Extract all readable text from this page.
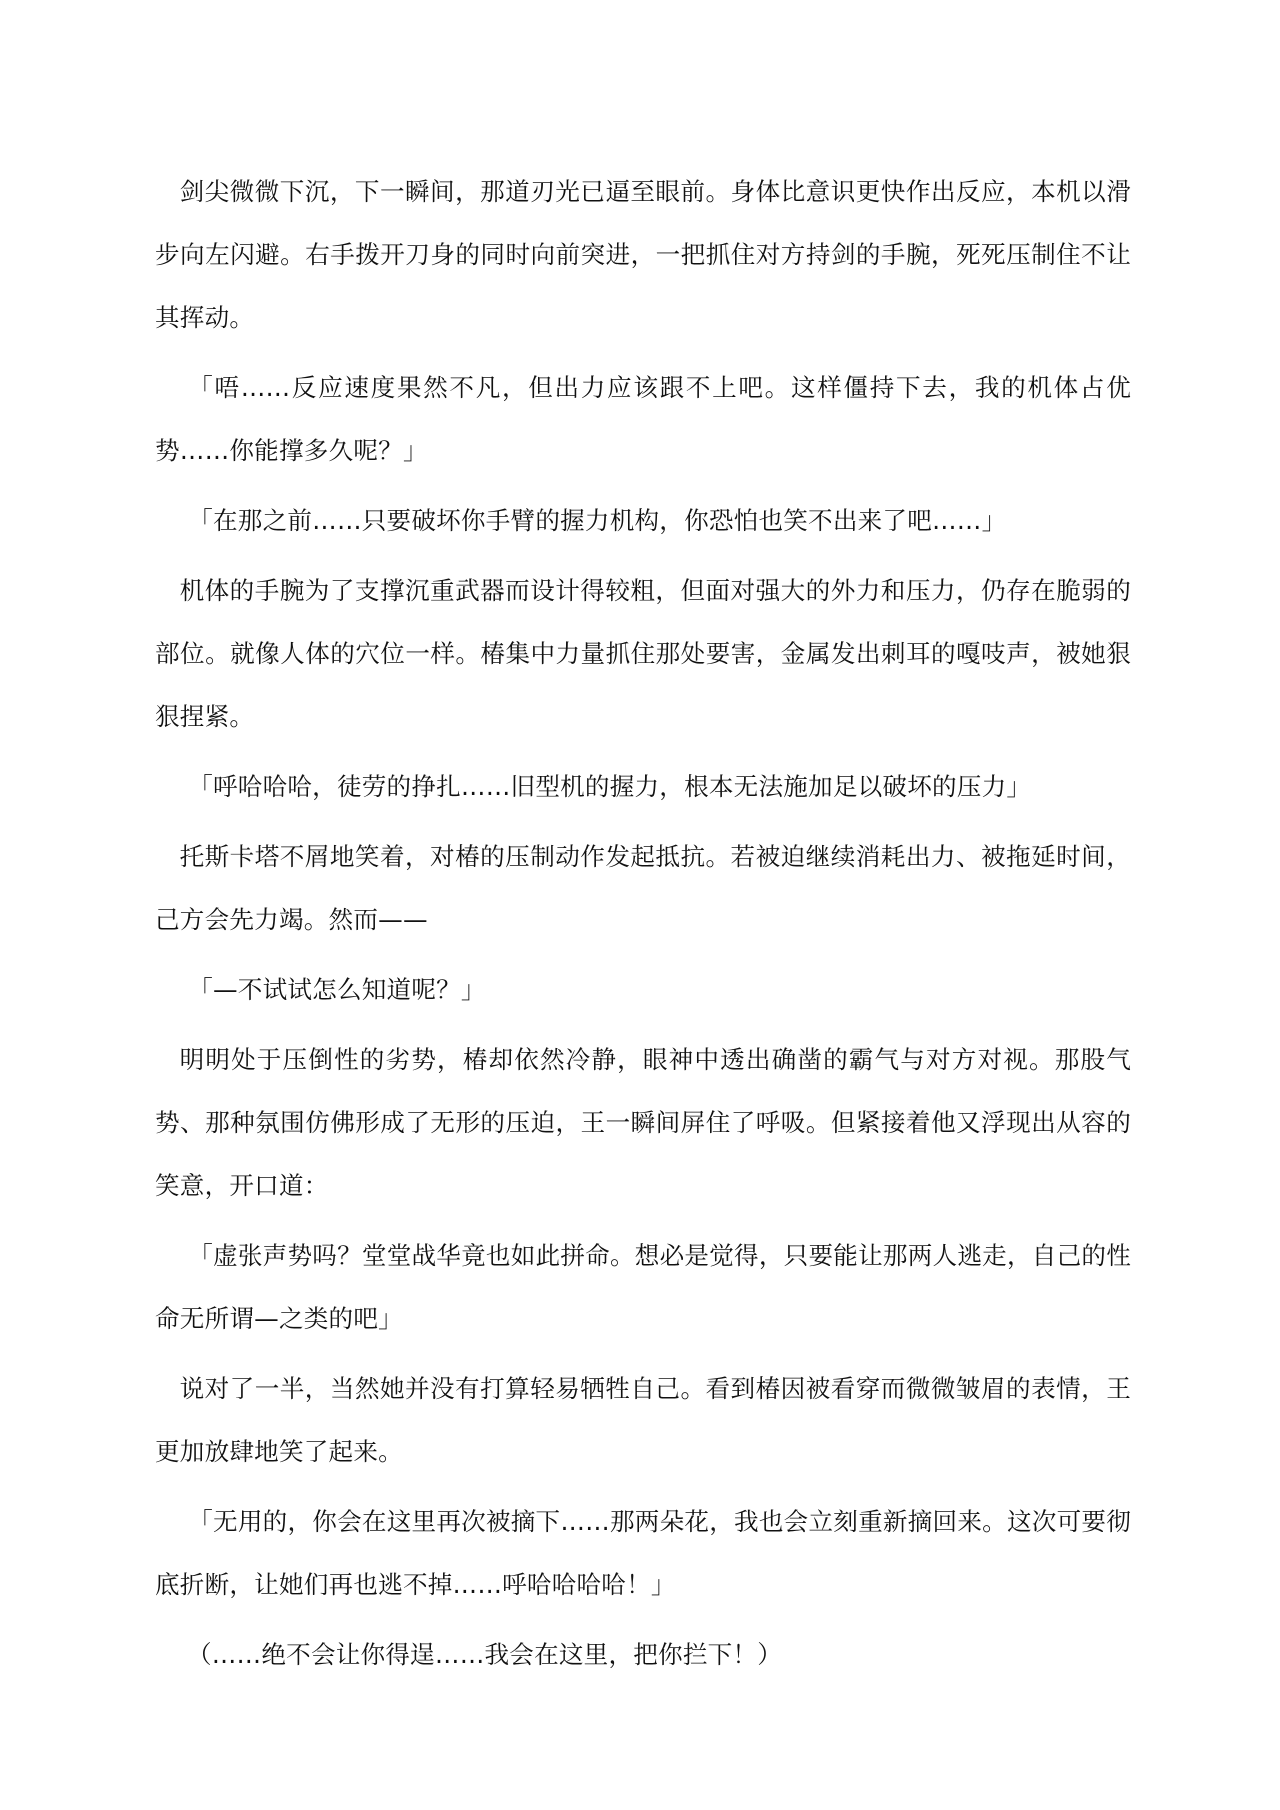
剑尖微微下沉，下一瞬间，那道刃光已逼至眼前。身体比意识更快作出反应，本机以滑步向左闪避。右手拨开刀身的同时向前突进，一把抓住对方持剑的手腕，死死压制住不让其挥动。

「唔……反应速度果然不凡，但出力应该跟不上吧。这样僵持下去，我的机体占优势……你能撑多久呢？」

「在那之前……只要破坏你手臂的握力机构，你恐怕也笑不出来了吧……」

机体的手腕为了支撑沉重武器而设计得较粗，但面对强大的外力和压力，仍存在脆弱的部位。就像人体的穴位一样。椿集中力量抓住那处要害，金属发出刺耳的嘎吱声，被她狠狠捏紧。

「呼哈哈哈，徒劳的挣扎……旧型机的握力，根本无法施加足以破坏的压力」

托斯卡塔不屑地笑着，对椿的压制动作发起抵抗。若被迫继续消耗出力、被拖延时间，己方会先力竭。然而——

「—不试试怎么知道呢？」

明明处于压倒性的劣势，椿却依然冷静，眼神中透出确凿的霸气与对方对视。那股气势、那种氛围仿佛形成了无形的压迫，王一瞬间屏住了呼吸。但紧接着他又浮现出从容的笑意，开口道：

「虚张声势吗？堂堂战华竟也如此拼命。想必是觉得，只要能让那两人逃走，自己的性命无所谓—之类的吧」

说对了一半，当然她并没有打算轻易牺牲自己。看到椿因被看穿而微微皱眉的表情，王更加放肆地笑了起来。

「无用的，你会在这里再次被摘下……那两朵花，我也会立刻重新摘回来。这次可要彻底折断，让她们再也逃不掉……呼哈哈哈哈！」

（……绝不会让你得逞……我会在这里，把你拦下！）
